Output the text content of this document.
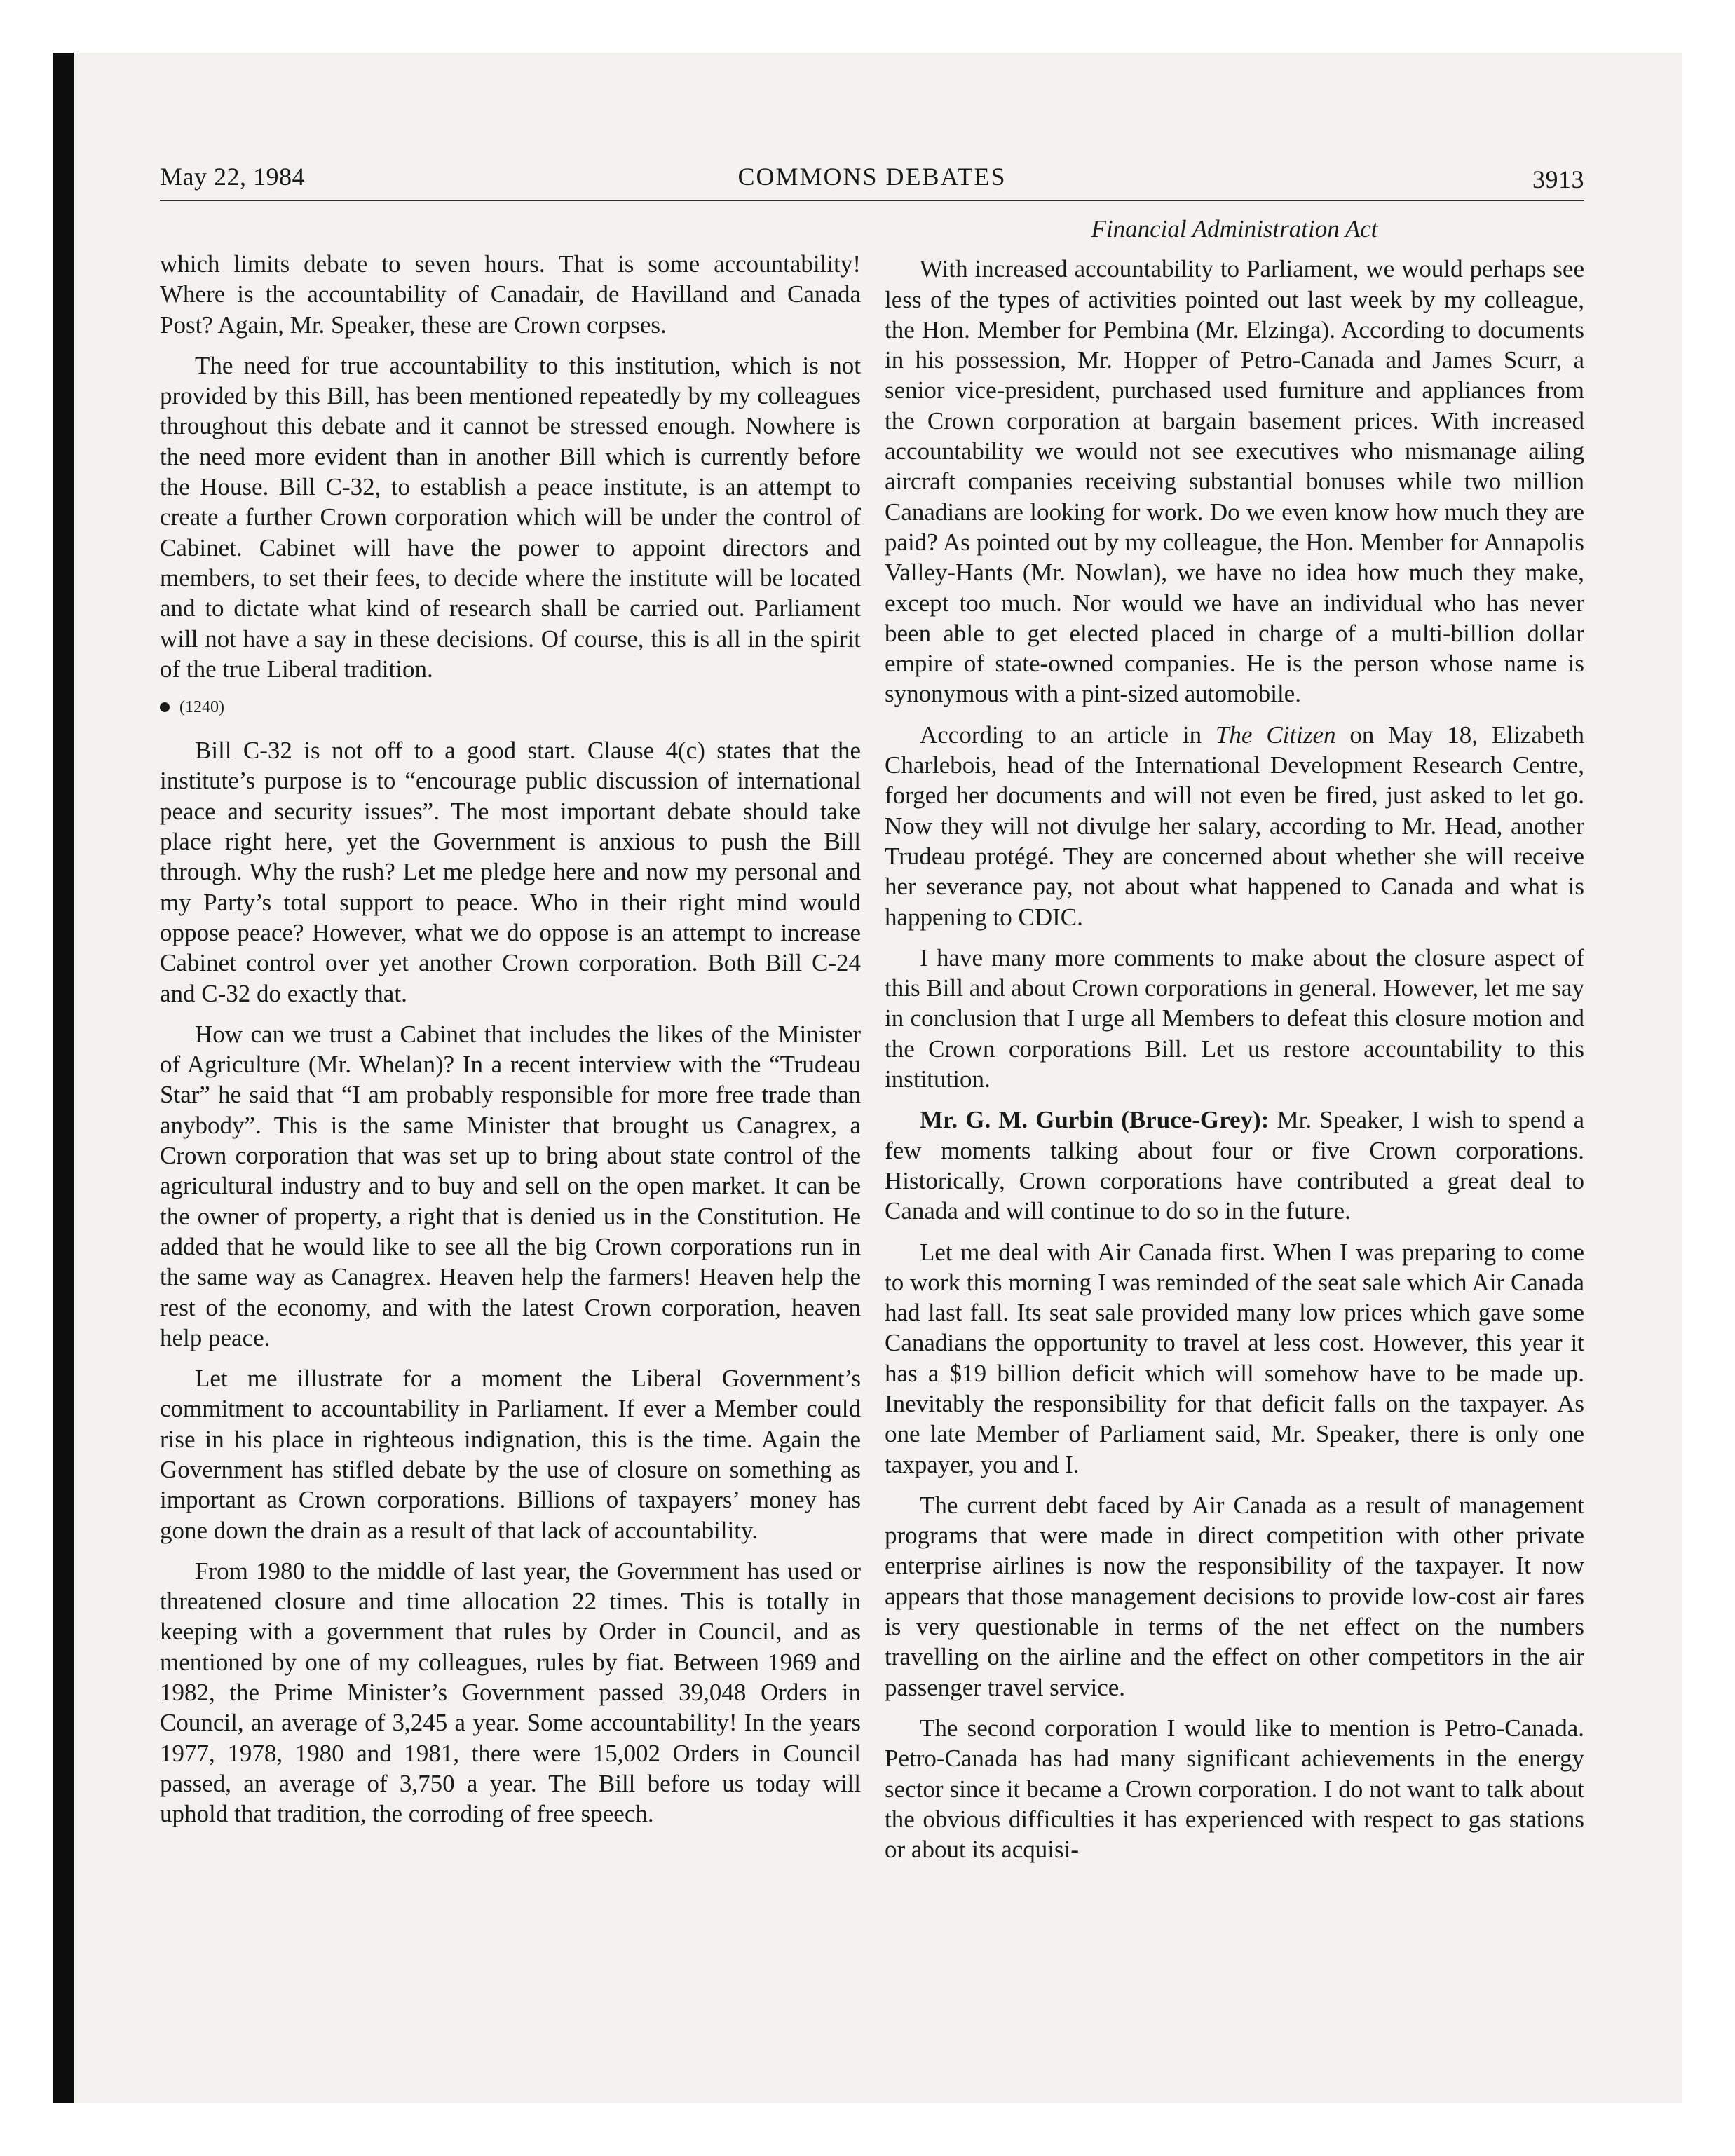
May 22, 1984	COMMONS DEBATES	3913

which limits debate to seven hours. That is some accountability! Where is the accountability of Canadair, de Havilland and Canada Post? Again, Mr. Speaker, these are Crown corpses.

The need for true accountability to this institution, which is not provided by this Bill, has been mentioned repeatedly by my colleagues throughout this debate and it cannot be stressed enough. Nowhere is the need more evident than in another Bill which is currently before the House. Bill C-32, to establish a peace institute, is an attempt to create a further Crown corporation which will be under the control of Cabinet. Cabinet will have the power to appoint directors and members, to set their fees, to decide where the institute will be located and to dictate what kind of research shall be carried out. Parliament will not have a say in these decisions. Of course, this is all in the spirit of the true Liberal tradition.

(1240)

Bill C-32 is not off to a good start. Clause 4(c) states that the institute’s purpose is to “encourage public discussion of international peace and security issues”. The most important debate should take place right here, yet the Government is anxious to push the Bill through. Why the rush? Let me pledge here and now my personal and my Party’s total support to peace. Who in their right mind would oppose peace? However, what we do oppose is an attempt to increase Cabinet control over yet another Crown corporation. Both Bill C-24 and C-32 do exactly that.

How can we trust a Cabinet that includes the likes of the Minister of Agriculture (Mr. Whelan)? In a recent interview with the “Trudeau Star” he said that “I am probably responsible for more free trade than anybody”. This is the same Minister that brought us Canagrex, a Crown corporation that was set up to bring about state control of the agricultural industry and to buy and sell on the open market. It can be the owner of property, a right that is denied us in the Constitution. He added that he would like to see all the big Crown corporations run in the same way as Canagrex. Heaven help the farmers! Heaven help the rest of the economy, and with the latest Crown corporation, heaven help peace.

Let me illustrate for a moment the Liberal Government’s commitment to accountability in Parliament. If ever a Member could rise in his place in righteous indignation, this is the time. Again the Government has stifled debate by the use of closure on something as important as Crown corporations. Billions of taxpayers’ money has gone down the drain as a result of that lack of accountability.

From 1980 to the middle of last year, the Government has used or threatened closure and time allocation 22 times. This is totally in keeping with a government that rules by Order in Council, and as mentioned by one of my colleagues, rules by fiat. Between 1969 and 1982, the Prime Minister’s Government passed 39,048 Orders in Council, an average of 3,245 a year. Some accountability! In the years 1977, 1978, 1980 and 1981, there were 15,002 Orders in Council passed, an average of 3,750 a year. The Bill before us today will uphold that tradition, the corroding of free speech.

Financial Administration Act

With increased accountability to Parliament, we would perhaps see less of the types of activities pointed out last week by my colleague, the Hon. Member for Pembina (Mr. Elzinga). According to documents in his possession, Mr. Hopper of Petro-Canada and James Scurr, a senior vice-president, purchased used furniture and appliances from the Crown corporation at bargain basement prices. With increased accountability we would not see executives who mismanage ailing aircraft companies receiving substantial bonuses while two million Canadians are looking for work. Do we even know how much they are paid? As pointed out by my colleague, the Hon. Member for Annapolis Valley-Hants (Mr. Nowlan), we have no idea how much they make, except too much. Nor would we have an individual who has never been able to get elected placed in charge of a multi-billion dollar empire of state-owned companies. He is the person whose name is synonymous with a pint-sized automobile.

According to an article in The Citizen on May 18, Elizabeth Charlebois, head of the International Development Research Centre, forged her documents and will not even be fired, just asked to let go. Now they will not divulge her salary, according to Mr. Head, another Trudeau protégé. They are concerned about whether she will receive her severance pay, not about what happened to Canada and what is happening to CDIC.

I have many more comments to make about the closure aspect of this Bill and about Crown corporations in general. However, let me say in conclusion that I urge all Members to defeat this closure motion and the Crown corporations Bill. Let us restore accountability to this institution.

Mr. G. M. Gurbin (Bruce-Grey): Mr. Speaker, I wish to spend a few moments talking about four or five Crown corporations. Historically, Crown corporations have contributed a great deal to Canada and will continue to do so in the future.

Let me deal with Air Canada first. When I was preparing to come to work this morning I was reminded of the seat sale which Air Canada had last fall. Its seat sale provided many low prices which gave some Canadians the opportunity to travel at less cost. However, this year it has a $19 billion deficit which will somehow have to be made up. Inevitably the responsibility for that deficit falls on the taxpayer. As one late Member of Parliament said, Mr. Speaker, there is only one taxpayer, you and I.

The current debt faced by Air Canada as a result of management programs that were made in direct competition with other private enterprise airlines is now the responsibility of the taxpayer. It now appears that those management decisions to provide low-cost air fares is very questionable in terms of the net effect on the numbers travelling on the airline and the effect on other competitors in the air passenger travel service.

The second corporation I would like to mention is Petro-Canada. Petro-Canada has had many significant achievements in the energy sector since it became a Crown corporation. I do not want to talk about the obvious difficulties it has experienced with respect to gas stations or about its acquisi-
